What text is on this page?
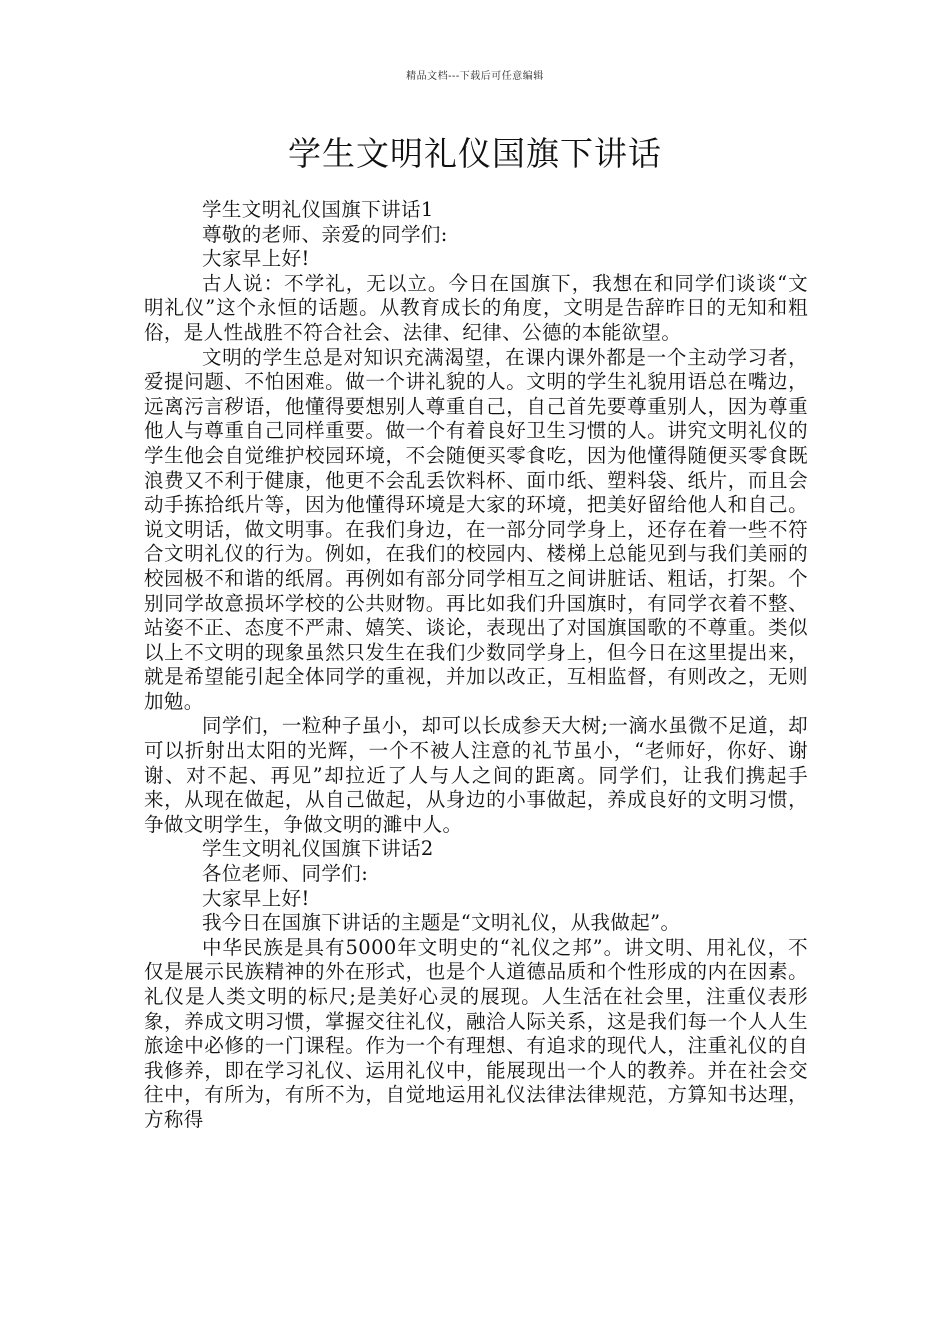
精品文档---下载后可任意编辑
学生文明礼仪国旗下讲话

学生文明礼仪国旗下讲话1

尊敬的老师、亲爱的同学们:

大家早上好!

古人说：不学礼，无以立。今日在国旗下，我想在和同学们谈谈“文明礼仪”这个永恒的话题。从教育成长的角度，文明是告辞昨日的无知和粗俗，是人性战胜不符合社会、法律、纪律、公德的本能欲望。

文明的学生总是对知识充满渴望，在课内课外都是一个主动学习者，爱提问题、不怕困难。做一个讲礼貌的人。文明的学生礼貌用语总在嘴边，远离污言秽语，他懂得要想别人尊重自己，自己首先要尊重别人，因为尊重他人与尊重自己同样重要。做一个有着良好卫生习惯的人。讲究文明礼仪的学生他会自觉维护校园环境，不会随便买零食吃，因为他懂得随便买零食既浪费又不利于健康，他更不会乱丢饮料杯、面巾纸、塑料袋、纸片，而且会动手拣拾纸片等，因为他懂得环境是大家的环境，把美好留给他人和自己。说文明话，做文明事。在我们身边，在一部分同学身上，还存在着一些不符合文明礼仪的行为。例如，在我们的校园内、楼梯上总能见到与我们美丽的校园极不和谐的纸屑。再例如有部分同学相互之间讲脏话、粗话，打架。个别同学故意损坏学校的公共财物。再比如我们升国旗时，有同学衣着不整、站姿不正、态度不严肃、嬉笑、谈论，表现出了对国旗国歌的不尊重。类似以上不文明的现象虽然只发生在我们少数同学身上，但今日在这里提出来，就是希望能引起全体同学的重视，并加以改正，互相监督，有则改之，无则加勉。

同学们，一粒种子虽小，却可以长成参天大树;一滴水虽微不足道，却可以折射出太阳的光辉，一个不被人注意的礼节虽小，“老师好，你好、谢谢、对不起、再见”却拉近了人与人之间的距离。同学们，让我们携起手来，从现在做起，从自己做起，从身边的小事做起，养成良好的文明习惯，争做文明学生，争做文明的濉中人。

学生文明礼仪国旗下讲话2

各位老师、同学们:

大家早上好!

我今日在国旗下讲话的主题是“文明礼仪，从我做起”。

中华民族是具有5000年文明史的“礼仪之邦”。讲文明、用礼仪，不仅是展示民族精神的外在形式，也是个人道德品质和个性形成的内在因素。礼仪是人类文明的标尺;是美好心灵的展现。人生活在社会里，注重仪表形象，养成文明习惯，掌握交往礼仪，融洽人际关系，这是我们每一个人人生旅途中必修的一门课程。作为一个有理想、有追求的现代人，注重礼仪的自我修养，即在学习礼仪、运用礼仪中，能展现出一个人的教养。并在社会交往中，有所为，有所不为，自觉地运用礼仪法律法律规范，方算知书达理，方称得
